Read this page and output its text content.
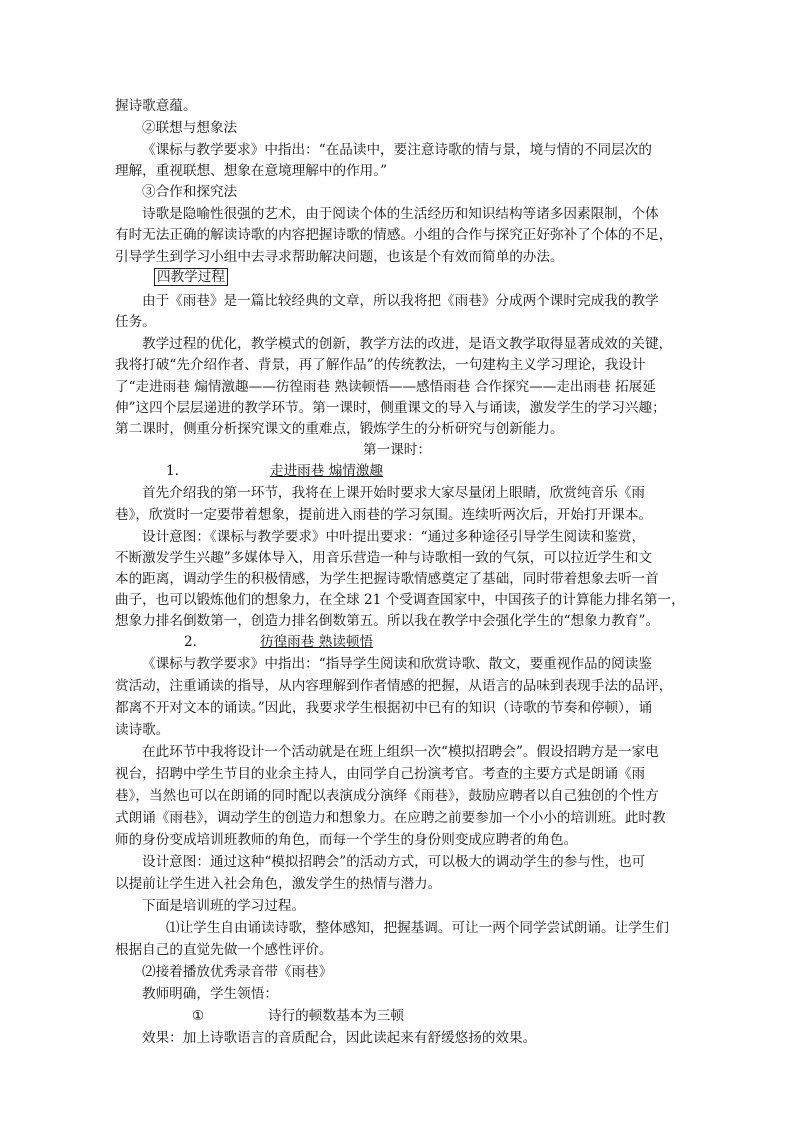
握诗歌意蕴。
②联想与想象法
《课标与教学要求》中指出：“在品读中，要注意诗歌的情与景，境与情的不同层次的
理解，重视联想、想象在意境理解中的作用。”
③合作和探究法
诗歌是隐喻性很强的艺术，由于阅读个体的生活经历和知识结构等诸多因素限制，个体
有时无法正确的解读诗歌的内容把握诗歌的情感。小组的合作与探究正好弥补了个体的不足，
引导学生到学习小组中去寻求帮助解决问题，也该是个有效而简单的办法。
四教学过程
由于《雨巷》是一篇比较经典的文章，所以我将把《雨巷》分成两个课时完成我的教学
任务。
教学过程的优化，教学模式的创新，教学方法的改进，是语文教学取得显著成效的关键，
我将打破“先介绍作者、背景，再了解作品”的传统教法，一句建构主义学习理论，我设计
了“走进雨巷 煽情激趣——彷徨雨巷 熟读顿悟——感悟雨巷 合作探究——走出雨巷 拓展延
伸”这四个层层递进的教学环节。第一课时，侧重课文的导入与诵读，激发学生的学习兴趣；
第二课时，侧重分析探究课文的重难点，锻炼学生的分析研究与创新能力。
第一课时：
1.	走进雨巷 煽情激趣
首先介绍我的第一环节，我将在上课开始时要求大家尽量闭上眼睛，欣赏纯音乐《雨
巷》，欣赏时一定要带着想象，提前进入雨巷的学习氛围。连续听两次后，开始打开课本。
设计意图：《课标与教学要求》中叶提出要求：“通过多种途径引导学生阅读和鉴赏，
不断激发学生兴趣”多媒体导入，用音乐营造一种与诗歌相一致的气氛，可以拉近学生和文
本的距离，调动学生的积极情感，为学生把握诗歌情感奠定了基础，同时带着想象去听一首
曲子，也可以锻炼他们的想象力，在全球 21 个受调查国家中，中国孩子的计算能力排名第一，
想象力排名倒数第一，创造力排名倒数第五。所以我在教学中会强化学生的“想象力教育”。
2.	彷徨雨巷 熟读顿悟
《课标与教学要求》中指出：“指导学生阅读和欣赏诗歌、散文，要重视作品的阅读鉴
赏活动，注重诵读的指导，从内容理解到作者情感的把握，从语言的品味到表现手法的品评，
都离不开对文本的诵读。”因此，我要求学生根据初中已有的知识（诗歌的节奏和停顿），诵
读诗歌。
在此环节中我将设计一个活动就是在班上组织一次“模拟招聘会”。假设招聘方是一家电
视台，招聘中学生节目的业余主持人，由同学自己扮演考官。考查的主要方式是朗诵《雨
巷》，当然也可以在朗诵的同时配以表演成分演绎《雨巷》，鼓励应聘者以自己独创的个性方
式朗诵《雨巷》，调动学生的创造力和想象力。在应聘之前要参加一个小小的培训班。此时教
师的身份变成培训班教师的角色，而每一个学生的身份则变成应聘者的角色。
设计意图：通过这种“模拟招聘会”的活动方式，可以极大的调动学生的参与性，也可
以提前让学生进入社会角色，激发学生的热情与潜力。
下面是培训班的学习过程。
⑴让学生自由诵读诗歌，整体感知，把握基调。可让一两个同学尝试朗诵。让学生们
根据自己的直觉先做一个感性评价。
⑵接着播放优秀录音带《雨巷》
教师明确，学生领悟：
①	诗行的顿数基本为三顿
效果：加上诗歌语言的音质配合，因此读起来有舒缓悠扬的效果。
